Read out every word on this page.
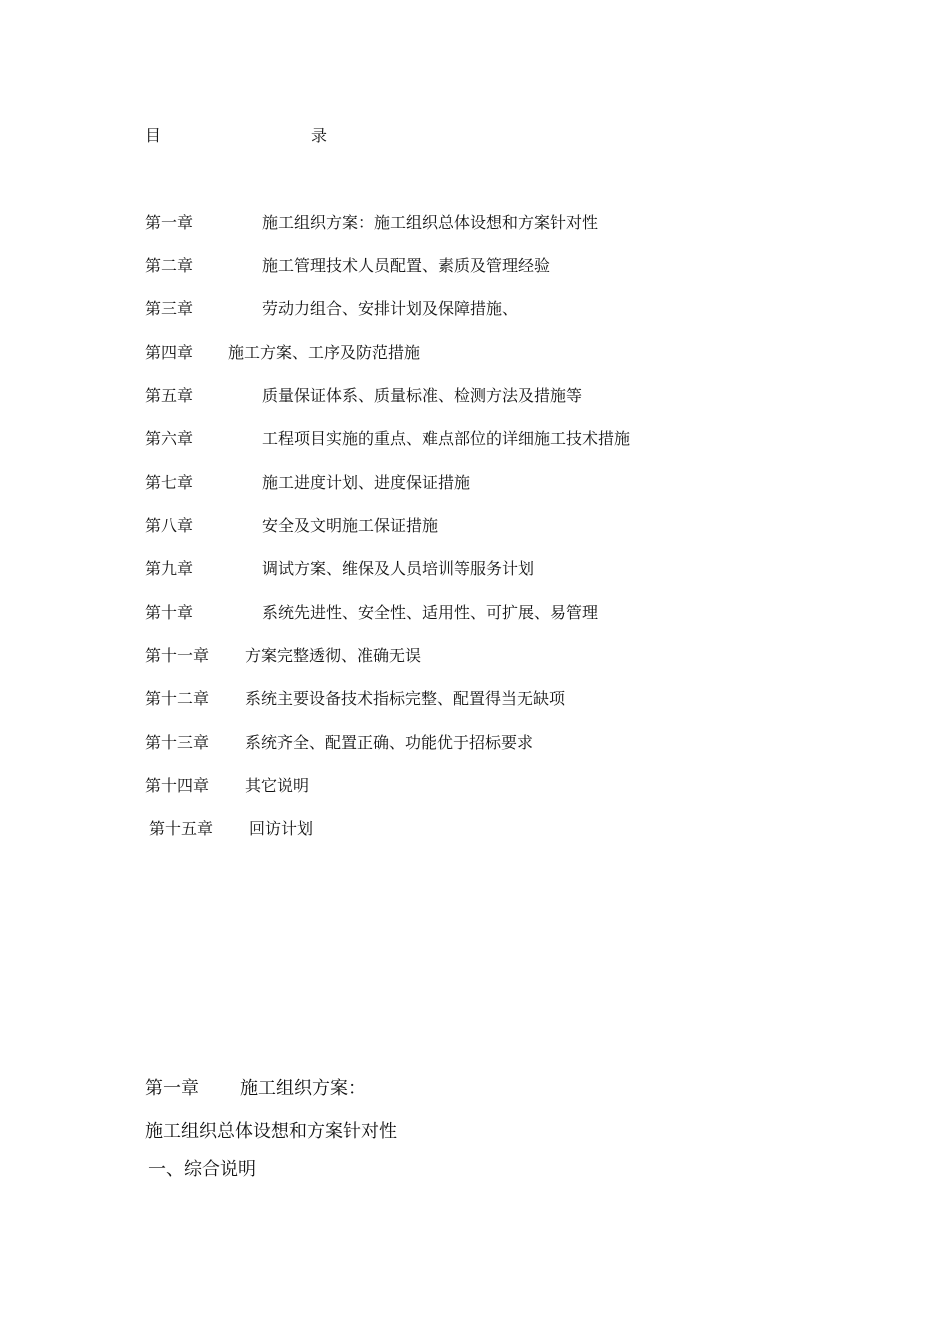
目	录
第一章	施工组织方案：施工组织总体设想和方案针对性
第二章	施工管理技术人员配置、素质及管理经验
第三章	劳动力组合、安排计划及保障措施、
第四章 施工方案、工序及防范措施
第五章	质量保证体系、质量标准、检测方法及措施等
第六章	工程项目实施的重点、难点部位的详细施工技术措施
第七章	施工进度计划、进度保证措施
第八章	安全及文明施工保证措施
第九章	调试方案、维保及人员培训等服务计划
第十章	系统先进性、安全性、适用性、可扩展、易管理
第十一章 方案完整透彻、准确无误
第十二章 系统主要设备技术指标完整、配置得当无缺项
第十三章 系统齐全、配置正确、功能优于招标要求
第十四章 其它说明
第十五章 回访计划
第一章 施工组织方案：
施工组织总体设想和方案针对性
一、综合说明
